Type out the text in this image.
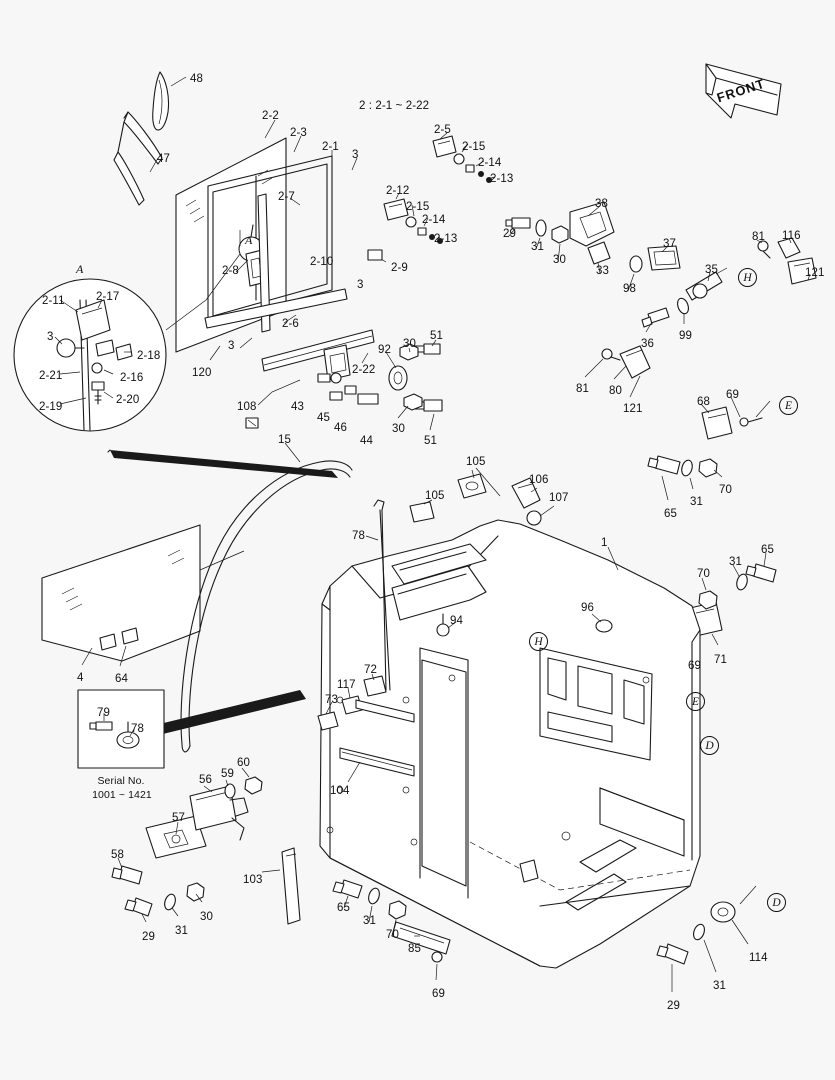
48
47
2-2
2-3
2-1
3
2 : 2-1 ~ 2-22
2-5
2-15
2-14
2-13
2-7	2-12
2-15
2-14
2-13
2-10
3
2-9
2-8
2-6
3
120
108	43
45
46
44
2-22
92 30
51
30
51
29
31
30
33
38
98
37
35
81 116
121
36
99
81 80
121
68
69
65
31
70
15
105
105
106
107
1
78
94
96
31
65
70
69 71
4	64
72
117
73
104
79
78
56 59
60
57
58
29 31
30
103
65
31
70
85
69
114
31
29
2-11	2-17
3
2-18
2-21	2-16
2-19
2-20
H
E
H
E
D
D
A
A
Serial No.
1001 ~ 1421
FRONT
